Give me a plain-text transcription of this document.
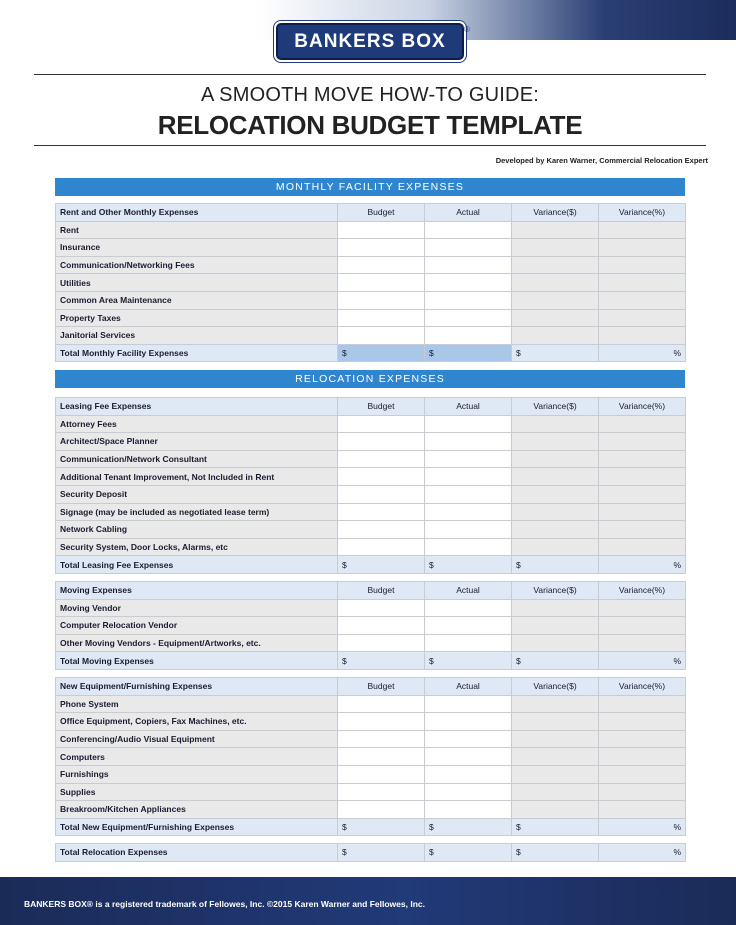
BANKERS BOX
®
A SMOOTH MOVE HOW-TO GUIDE:
RELOCATION BUDGET TEMPLATE
Developed by Karen Warner, Commercial Relocation Expert
MONTHLY FACILITY EXPENSES
Rent and Other Monthly Expenses	Budget	Actual	Variance($)	Variance(%)
Rent				
Insurance				
Communication/Networking Fees				
Utilities				
Common Area Maintenance				
Property Taxes				
Janitorial Services				
Total Monthly Facility Expenses	$	$	$	%
RELOCATION EXPENSES
Leasing Fee Expenses	Budget	Actual	Variance($)	Variance(%)
Attorney Fees				
Architect/Space Planner				
Communication/Network Consultant				
Additional Tenant Improvement, Not Included in Rent				
Security Deposit				
Signage (may be included as negotiated lease term)				
Network Cabling				
Security System, Door Locks, Alarms, etc				
Total Leasing Fee Expenses	$	$	$	%
Moving Expenses	Budget	Actual	Variance($)	Variance(%)
Moving Vendor				
Computer Relocation Vendor				
Other Moving Vendors - Equipment/Artworks, etc.				
Total Moving Expenses	$	$	$	%
New Equipment/Furnishing Expenses	Budget	Actual	Variance($)	Variance(%)
Phone System				
Office Equipment, Copiers, Fax Machines, etc.				
Conferencing/Audio Visual Equipment				
Computers				
Furnishings				
Supplies				
Breakroom/Kitchen Appliances				
Total New Equipment/Furnishing Expenses	$	$	$	%
Total Relocation Expenses	$	$	$	%
BANKERS BOX® is a registered trademark of Fellowes, Inc. ©2015 Karen Warner and Fellowes, Inc.
